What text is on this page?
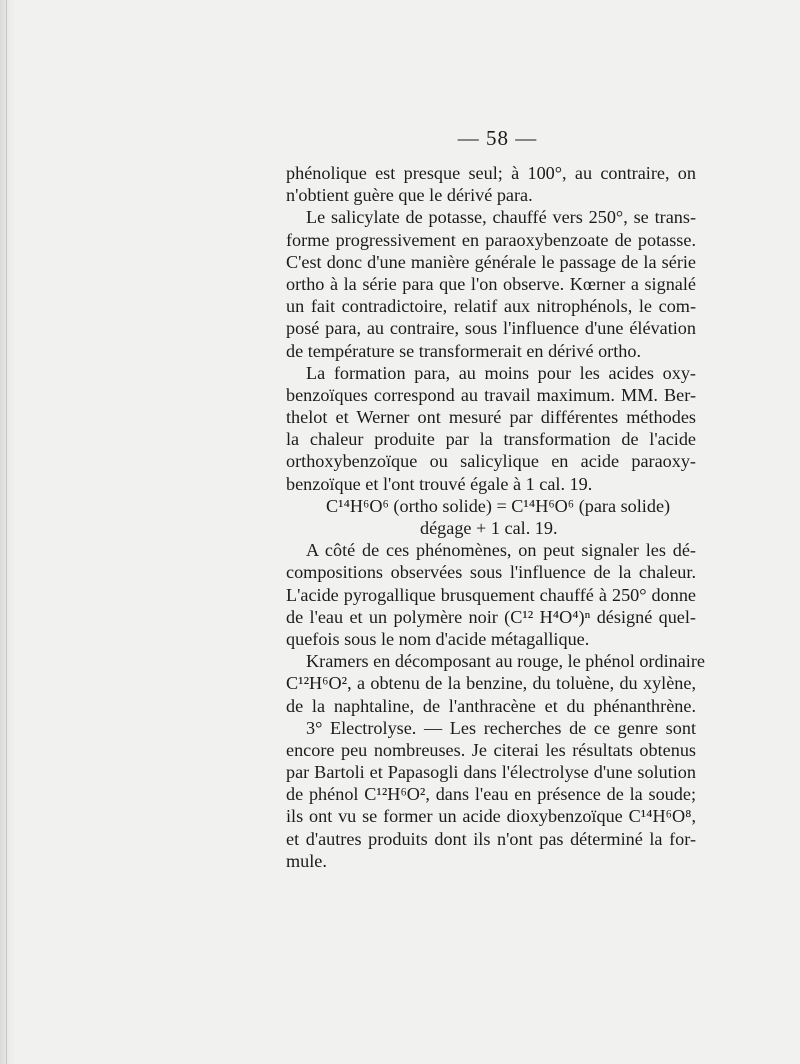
— 58 —
phénolique est presque seul; à 100°, au contraire, on
n'obtient guère que le dérivé para.
Le salicylate de potasse, chauffé vers 250°, se trans-
forme progressivement en paraoxybenzoate de potasse.
C'est donc d'une manière générale le passage de la série
ortho à la série para que l'on observe. Kœrner a signalé
un fait contradictoire, relatif aux nitrophénols, le com-
posé para, au contraire, sous l'influence d'une élévation
de température se transformerait en dérivé ortho.
La formation para, au moins pour les acides oxy-
benzoïques correspond au travail maximum. MM. Ber-
thelot et Werner ont mesuré par différentes méthodes
la chaleur produite par la transformation de l'acide
orthoxybenzoïque ou salicylique en acide paraoxy-
benzoïque et l'ont trouvé égale à 1 cal. 19.
C¹⁴H⁶O⁶ (ortho solide) = C¹⁴H⁶O⁶ (para solide)
dégage + 1 cal. 19.
A côté de ces phénomènes, on peut signaler les dé-
compositions observées sous l'influence de la chaleur.
L'acide pyrogallique brusquement chauffé à 250° donne
de l'eau et un polymère noir (C¹² H⁴O⁴)ⁿ désigné quel-
quefois sous le nom d'acide métagallique.
Kramers en décomposant au rouge, le phénol ordinaire
C¹²H⁶O², a obtenu de la benzine, du toluène, du xylène,
de la naphtaline, de l'anthracène et du phénanthrène.
3° Electrolyse. — Les recherches de ce genre sont
encore peu nombreuses. Je citerai les résultats obtenus
par Bartoli et Papasogli dans l'électrolyse d'une solution
de phénol C¹²H⁶O², dans l'eau en présence de la soude;
ils ont vu se former un acide dioxybenzoïque C¹⁴H⁶O⁸,
et d'autres produits dont ils n'ont pas déterminé la for-
mule.
